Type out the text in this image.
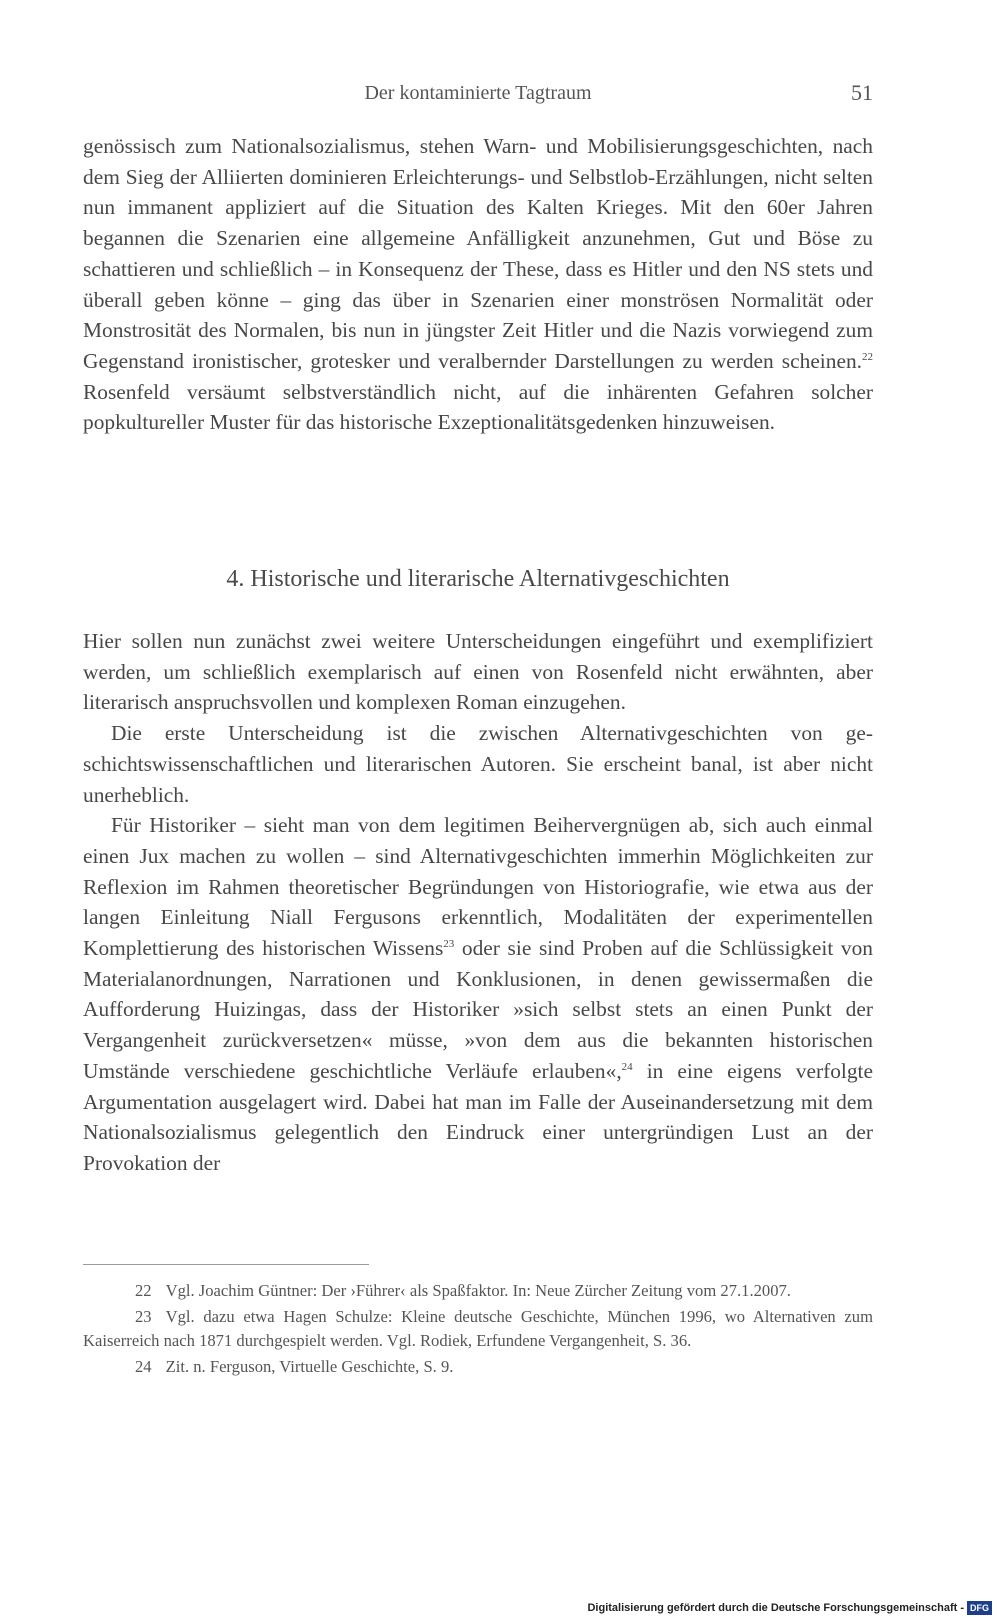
Der kontaminierte Tagtraum	51

genössisch zum Nationalsozialismus, stehen Warn- und Mobilisierungsgeschichten, nach dem Sieg der Alliierten dominieren Erleichterungs- und Selbstlob-Erzählungen, nicht selten nun immanent appliziert auf die Situation des Kalten Krieges. Mit den 60er Jahren begannen die Szenarien eine allgemeine Anfälligkeit anzunehmen, Gut und Böse zu schattieren und schließlich – in Konsequenz der These, dass es Hitler und den NS stets und überall geben könne – ging das über in Szenarien einer monströsen Normalität oder Monstrosität des Normalen, bis nun in jüngster Zeit Hitler und die Nazis vorwiegend zum Gegenstand ironistischer, grotesker und veralbernder Darstellungen zu werden scheinen.$^{22}$ Rosenfeld versäumt selbstverständlich nicht, auf die inhärenten Gefahren solcher popkultureller Muster für das historische Exzeptionalitätsgedenken hinzuweisen.

4. Historische und literarische Alternativgeschichten

Hier sollen nun zunächst zwei weitere Unterscheidungen eingeführt und exemplifiziert werden, um schließlich exemplarisch auf einen von Rosenfeld nicht erwähnten, aber literarisch anspruchsvollen und komplexen Roman einzugehen.

Die erste Unterscheidung ist die zwischen Alternativgeschichten von geschichtswissenschaftlichen und literarischen Autoren. Sie erscheint banal, ist aber nicht unerheblich.

Für Historiker – sieht man von dem legitimen Beihervergnügen ab, sich auch einmal einen Jux machen zu wollen – sind Alternativgeschichten immerhin Möglichkeiten zur Reflexion im Rahmen theoretischer Begründungen von Historiografie, wie etwa aus der langen Einleitung Niall Fergusons erkenntlich, Modalitäten der experimentellen Komplettierung des historischen Wissens$^{23}$ oder sie sind Proben auf die Schlüssigkeit von Materialanordnungen, Narrationen und Konklusionen, in denen gewissermaßen die Aufforderung Huizingas, dass der Historiker »sich selbst stets an einen Punkt der Vergangenheit zurückversetzen« müsse, »von dem aus die bekannten historischen Umstände verschiedene geschichtliche Verläufe erlauben«,$^{24}$ in eine eigens verfolgte Argumentation ausgelagert wird. Dabei hat man im Falle der Auseinandersetzung mit dem Nationalsozialismus gelegentlich den Eindruck einer untergründigen Lust an der Provokation der

22 Vgl. Joachim Güntner: Der ›Führer‹ als Spaßfaktor. In: Neue Zürcher Zeitung vom 27.1.2007.

23 Vgl. dazu etwa Hagen Schulze: Kleine deutsche Geschichte, München 1996, wo Alternativen zum Kaiserreich nach 1871 durchgespielt werden. Vgl. Rodiek, Erfundene Vergangenheit, S. 36.

24 Zit. n. Ferguson, Virtuelle Geschichte, S. 9.

Digitalisierung gefördert durch die Deutsche Forschungsgemeinschaft - DFG
